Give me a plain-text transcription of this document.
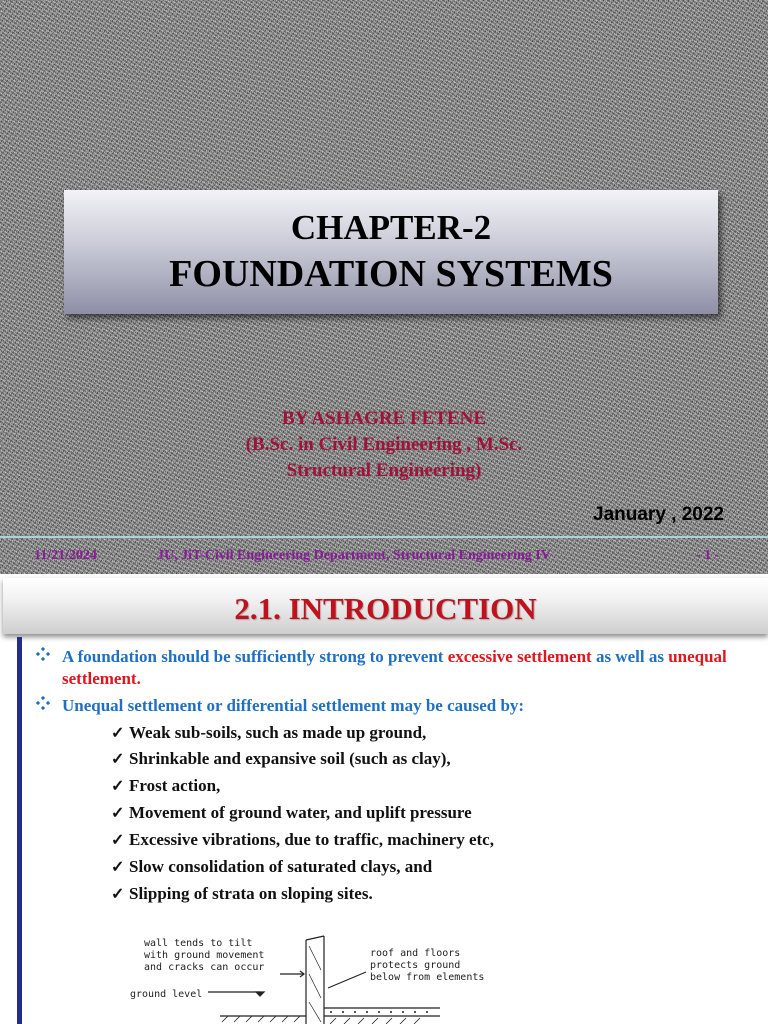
CHAPTER-2
FOUNDATION SYSTEMS
BY ASHAGRE FETENE
(B.Sc. in Civil Engineering , M.Sc.
Structural Engineering)
January , 2022
11/21/2024	JU, JiT-Civil Engineering Department, Structural Engineering IV	- 1 -
2.1. INTRODUCTION
A foundation should be sufficiently strong to prevent excessive settlement as well as unequal settlement.
Unequal settlement or differential settlement may be caused by:
✓ Weak sub-soils, such as made up ground,
✓ Shrinkable and expansive soil (such as clay),
✓ Frost action,
✓ Movement of ground water, and uplift pressure
✓ Excessive vibrations, due to traffic, machinery etc,
✓ Slow consolidation of saturated clays, and
✓ Slipping of strata on sloping sites.
wall tends to tilt
with ground movement
and cracks can occur
ground level
roof and floors
protects ground
below from elements
